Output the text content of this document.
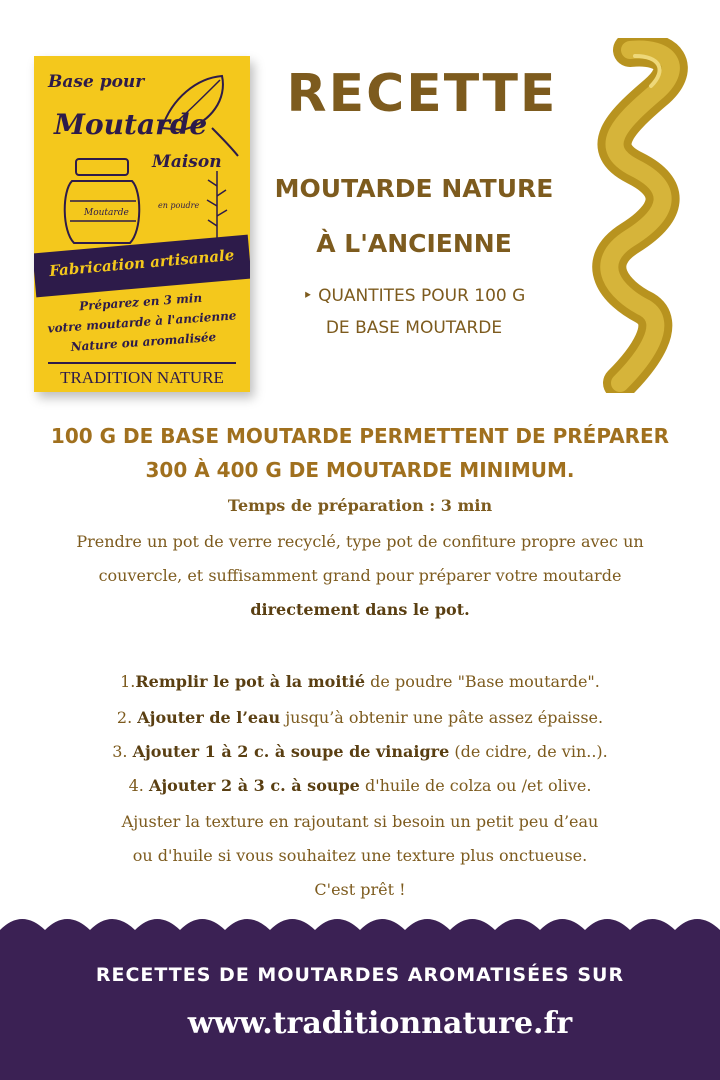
Base pour
Moutarde
Maison
Moutarde
en poudre
Fabrication artisanale
Préparez en 3 min
votre moutarde à l'ancienne
Nature ou aromalisée
TRADITION NATURE
RECETTE
MOUTARDE NATURE
À L'ANCIENNE
‣ QUANTITES POUR 100 G
DE BASE MOUTARDE
100 G DE BASE MOUTARDE PERMETTENT DE PRÉPARER
300 À 400 G DE MOUTARDE MINIMUM.
Temps de préparation : 3 min
Prendre un pot de verre recyclé, type pot de confiture propre avec un
couvercle, et suffisamment grand pour préparer votre moutarde
directement dans le pot.
1.Remplir le pot à la moitié de poudre "Base moutarde".
2. Ajouter de l’eau jusqu’à obtenir une pâte assez épaisse.
3. Ajouter 1 à 2 c. à soupe de vinaigre (de cidre, de vin..).
4. Ajouter 2 à 3 c. à soupe d'huile de colza ou /et olive.
Ajuster la texture en rajoutant si besoin un petit peu d’eau
ou d'huile si vous souhaitez une texture plus onctueuse.
C'est prêt !
RECETTES DE MOUTARDES AROMATISÉES SUR
www.traditionnature.fr
